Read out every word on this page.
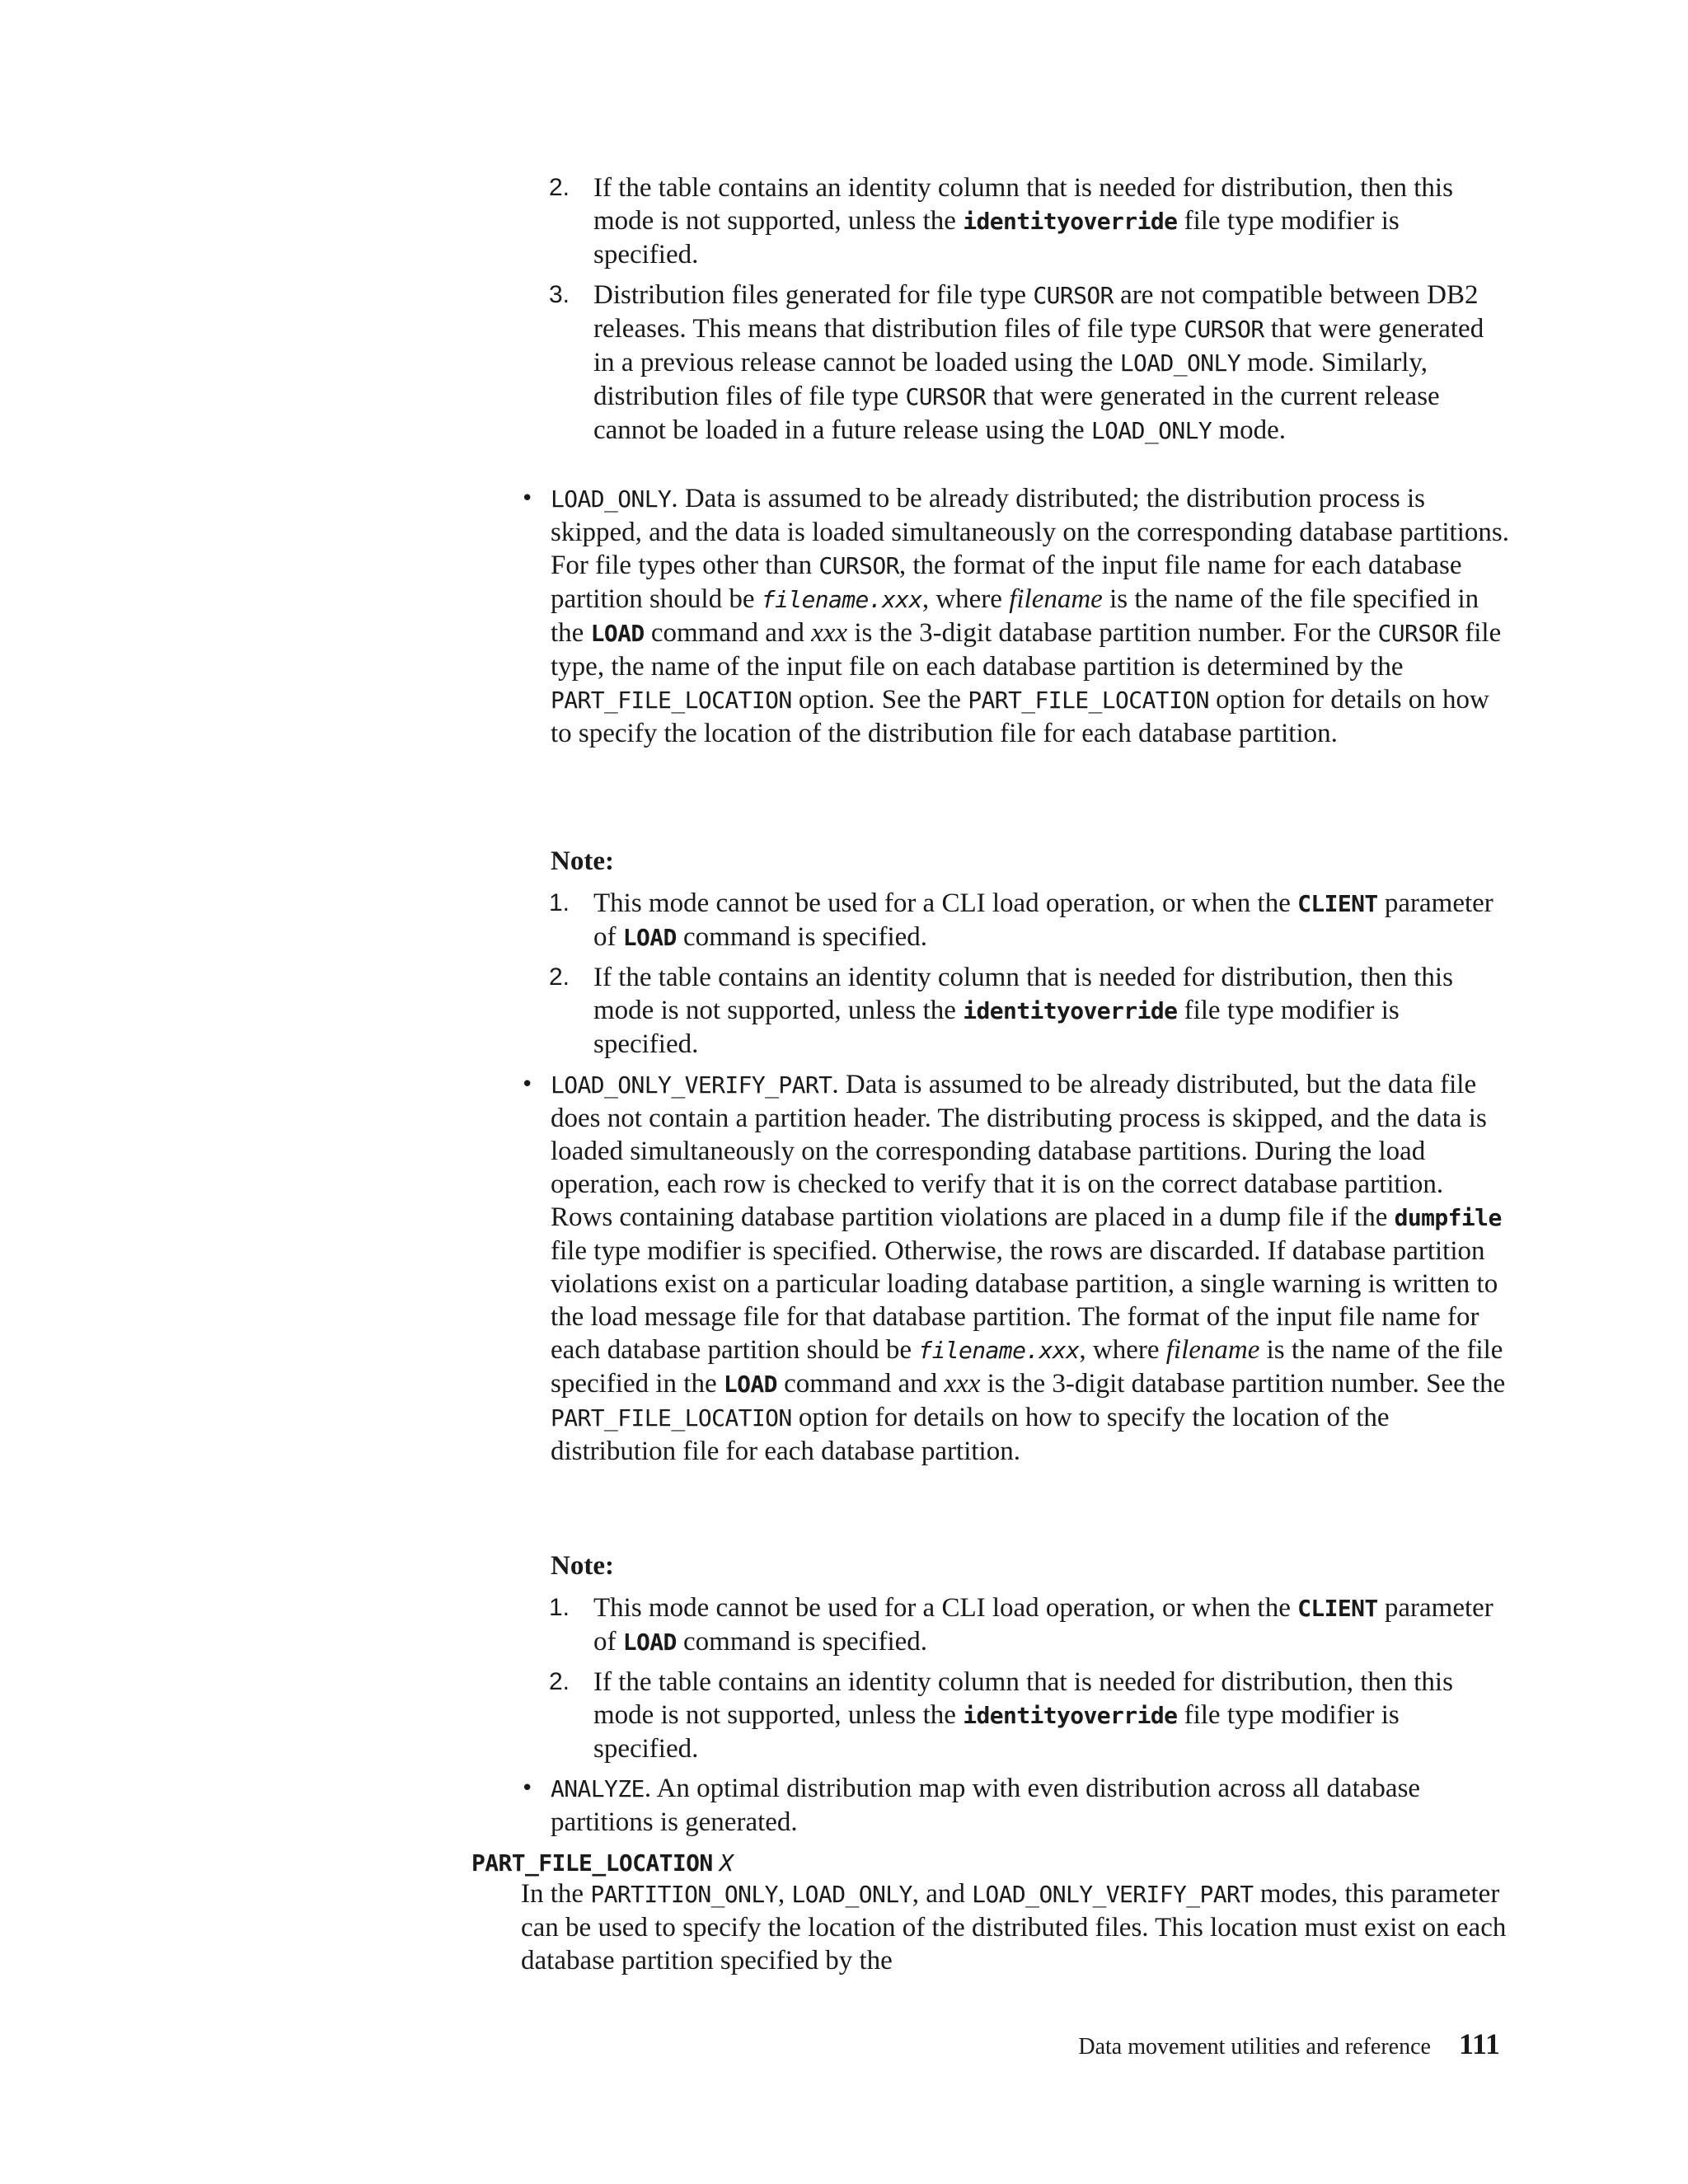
2. If the table contains an identity column that is needed for distribution, then this mode is not supported, unless the identityoverride file type modifier is specified.
3. Distribution files generated for file type CURSOR are not compatible between DB2 releases. This means that distribution files of file type CURSOR that were generated in a previous release cannot be loaded using the LOAD_ONLY mode. Similarly, distribution files of file type CURSOR that were generated in the current release cannot be loaded in a future release using the LOAD_ONLY mode.
• LOAD_ONLY. Data is assumed to be already distributed; the distribution process is skipped, and the data is loaded simultaneously on the corresponding database partitions. For file types other than CURSOR, the format of the input file name for each database partition should be filename.xxx, where filename is the name of the file specified in the LOAD command and xxx is the 3-digit database partition number. For the CURSOR file type, the name of the input file on each database partition is determined by the PART_FILE_LOCATION option. See the PART_FILE_LOCATION option for details on how to specify the location of the distribution file for each database partition.
Note:
1. This mode cannot be used for a CLI load operation, or when the CLIENT parameter of LOAD command is specified.
2. If the table contains an identity column that is needed for distribution, then this mode is not supported, unless the identityoverride file type modifier is specified.
• LOAD_ONLY_VERIFY_PART. Data is assumed to be already distributed, but the data file does not contain a partition header. The distributing process is skipped, and the data is loaded simultaneously on the corresponding database partitions. During the load operation, each row is checked to verify that it is on the correct database partition. Rows containing database partition violations are placed in a dump file if the dumpfile file type modifier is specified. Otherwise, the rows are discarded. If database partition violations exist on a particular loading database partition, a single warning is written to the load message file for that database partition. The format of the input file name for each database partition should be filename.xxx, where filename is the name of the file specified in the LOAD command and xxx is the 3-digit database partition number. See the PART_FILE_LOCATION option for details on how to specify the location of the distribution file for each database partition.
Note:
1. This mode cannot be used for a CLI load operation, or when the CLIENT parameter of LOAD command is specified.
2. If the table contains an identity column that is needed for distribution, then this mode is not supported, unless the identityoverride file type modifier is specified.
• ANALYZE. An optimal distribution map with even distribution across all database partitions is generated.
PART_FILE_LOCATION X
In the PARTITION_ONLY, LOAD_ONLY, and LOAD_ONLY_VERIFY_PART modes, this parameter can be used to specify the location of the distributed files. This location must exist on each database partition specified by the
Data movement utilities and reference 111
